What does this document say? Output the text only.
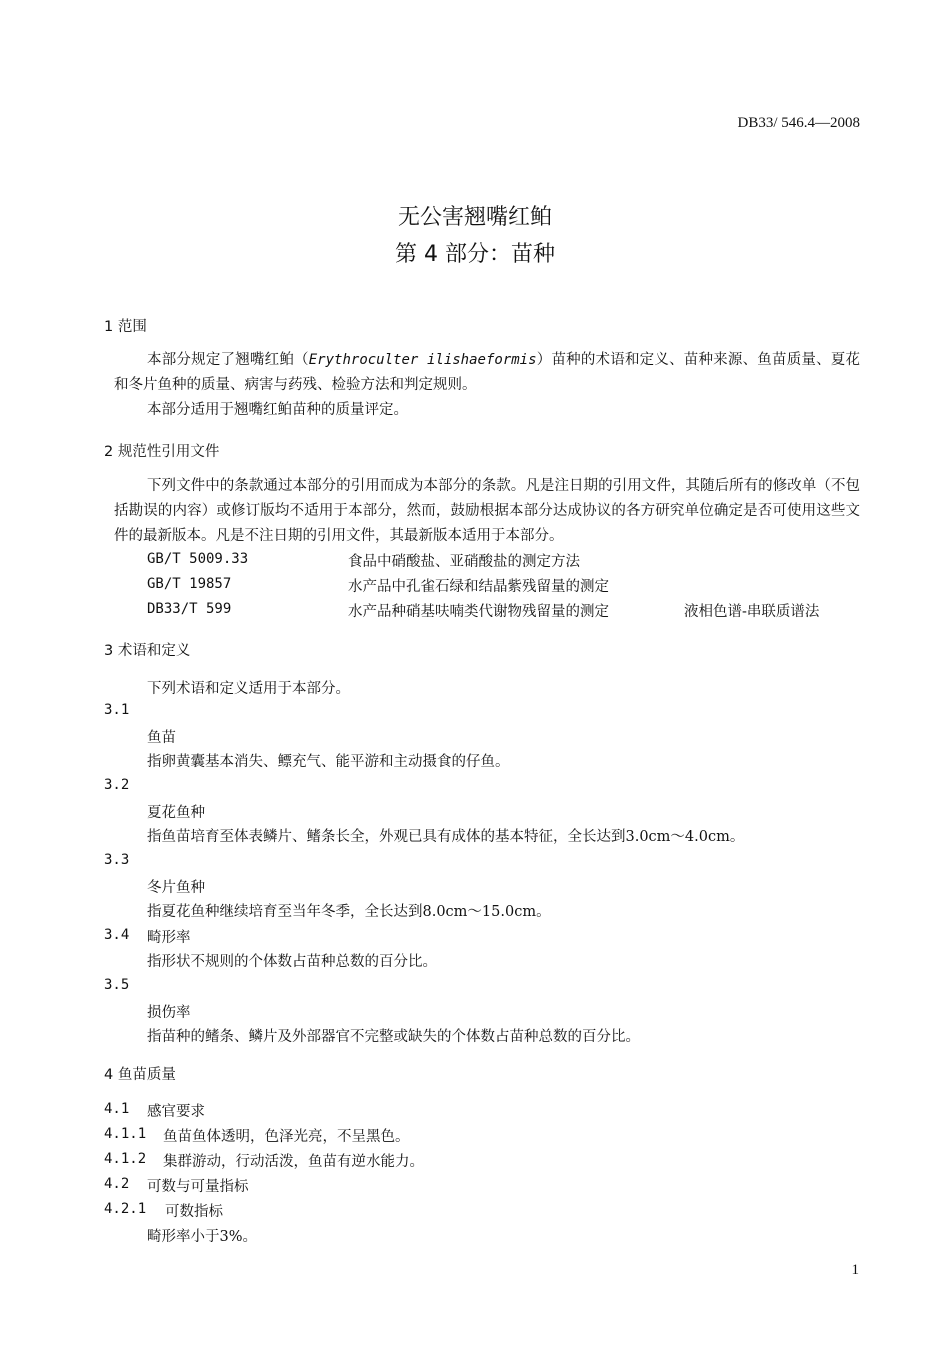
DB33/ 546.4—2008
无公害翘嘴红鲌
第 4 部分：苗种
1 范围
本部分规定了翘嘴红鲌（Erythroculter ilishaeformis）苗种的术语和定义、苗种来源、鱼苗质量、夏花和冬片鱼种的质量、病害与药残、检验方法和判定规则。
本部分适用于翘嘴红鲌苗种的质量评定。
2 规范性引用文件
下列文件中的条款通过本部分的引用而成为本部分的条款。凡是注日期的引用文件，其随后所有的修改单（不包括勘误的内容）或修订版均不适用于本部分，然而，鼓励根据本部分达成协议的各方研究单位确定是否可使用这些文件的最新版本。凡是不注日期的引用文件，其最新版本适用于本部分。
GB/T 5009.33	食品中硝酸盐、亚硝酸盐的测定方法
GB/T 19857	水产品中孔雀石绿和结晶紫残留量的测定
DB33/T 599	水产品种硝基呋喃类代谢物残留量的测定	液相色谱-串联质谱法
3 术语和定义
下列术语和定义适用于本部分。
3.1
鱼苗
指卵黄囊基本消失、鳔充气、能平游和主动摄食的仔鱼。
3.2
夏花鱼种
指鱼苗培育至体表鳞片、鳍条长全，外观已具有成体的基本特征，全长达到3.0cm～4.0cm。
3.3
冬片鱼种
指夏花鱼种继续培育至当年冬季，全长达到8.0cm～15.0cm。
3.4 畸形率
指形状不规则的个体数占苗种总数的百分比。
3.5
损伤率
指苗种的鳍条、鳞片及外部器官不完整或缺失的个体数占苗种总数的百分比。
4 鱼苗质量
4.1 感官要求
4.1.1 鱼苗鱼体透明，色泽光亮，不呈黑色。
4.1.2 集群游动，行动活泼，鱼苗有逆水能力。
4.2 可数与可量指标
4.2.1 可数指标
畸形率小于3%。
1
